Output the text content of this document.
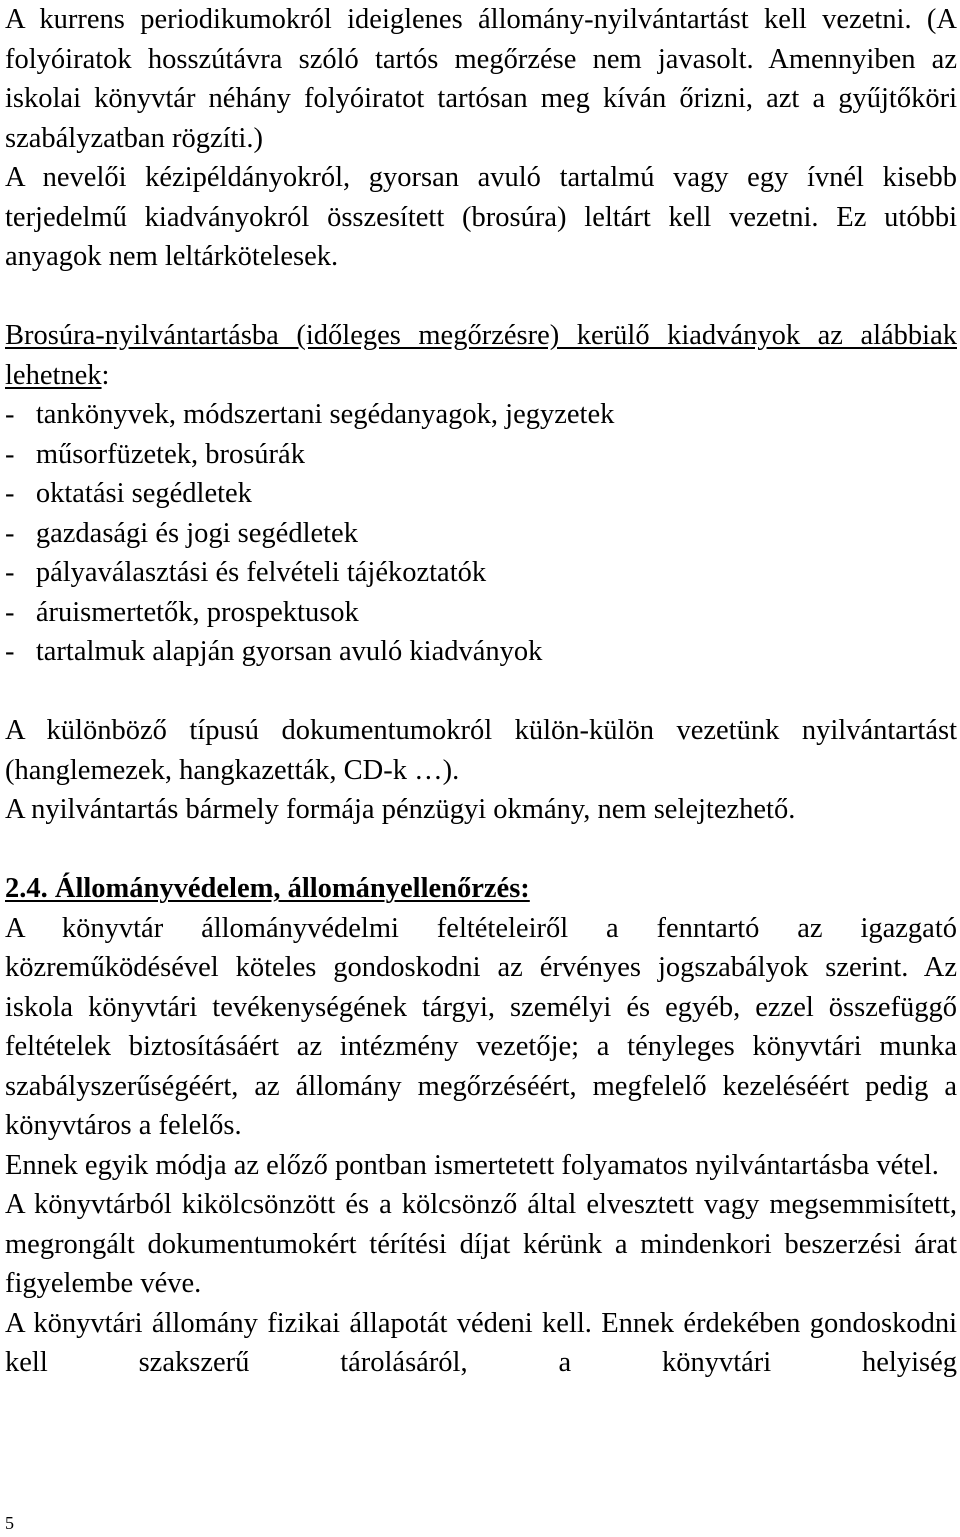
A kurrens periodikumokról ideiglenes állomány-nyilvántartást kell vezetni. (A folyóiratok hosszútávra szóló tartós megőrzése nem javasolt. Amennyiben az iskolai könyvtár néhány folyóiratot tartósan meg kíván őrizni, azt a gyűjtőköri szabályzatban rögzíti.)

A nevelői kézipéldányokról, gyorsan avuló tartalmú vagy egy ívnél kisebb terjedelmű kiadványokról összesített (brosúra) leltárt kell vezetni. Ez utóbbi anyagok nem leltárkötelesek.

Brosúra-nyilvántartásba (időleges megőrzésre) kerülő kiadványok az alábbiak lehetnek:

-   tankönyvek, módszertani segédanyagok, jegyzetek

-   műsorfüzetek, brosúrák

-   oktatási segédletek

-   gazdasági és jogi segédletek

-   pályaválasztási és felvételi tájékoztatók

-   áruismertetők, prospektusok

-   tartalmuk alapján gyorsan avuló kiadványok

A különböző típusú dokumentumokról külön-külön vezetünk nyilvántartást (hanglemezek, hangkazetták, CD-k …).

A nyilvántartás bármely formája pénzügyi okmány, nem selejtezhető.

2.4. Állományvédelem, állományellenőrzés:

A könyvtár állományvédelmi feltételeiről a fenntartó az igazgató közreműködésével köteles gondoskodni az érvényes jogszabályok szerint. Az iskola könyvtári tevékenységének tárgyi, személyi és egyéb, ezzel összefüggő feltételek biztosításáért az intézmény vezetője; a tényleges könyvtári munka szabályszerűségéért, az állomány megőrzéséért, megfelelő kezeléséért pedig a könyvtáros a felelős.

Ennek egyik módja az előző pontban ismertetett folyamatos nyilvántartásba vétel.

A könyvtárból kikölcsönzött és a kölcsönző által elvesztett vagy megsemmisített, megrongált dokumentumokért térítési díjat kérünk a mindenkori beszerzési árat figyelembe véve.

A könyvtári állomány fizikai állapotát védeni kell. Ennek érdekében gondoskodni kell szakszerű tárolásáról, a könyvtári helyiség

5
